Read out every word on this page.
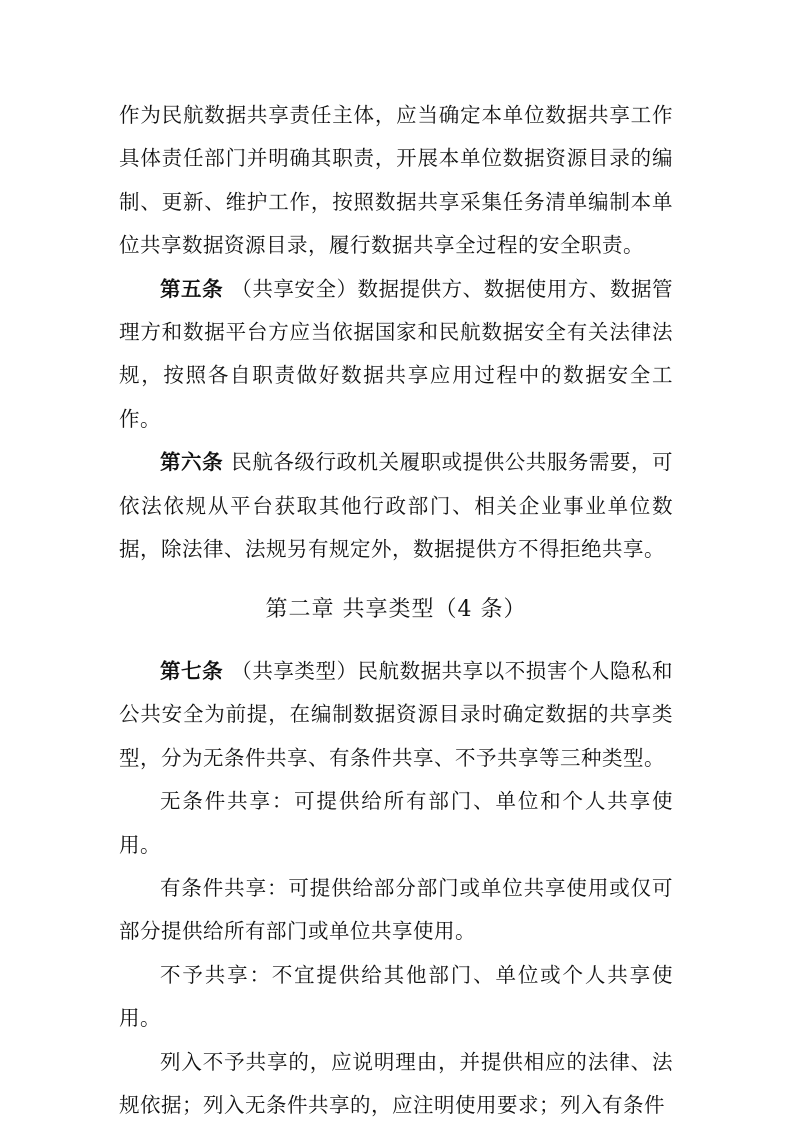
作为民航数据共享责任主体，应当确定本单位数据共享工作具体责任部门并明确其职责，开展本单位数据资源目录的编制、更新、维护工作，按照数据共享采集任务清单编制本单位共享数据资源目录，履行数据共享全过程的安全职责。

第五条 （共享安全）数据提供方、数据使用方、数据管理方和数据平台方应当依据国家和民航数据安全有关法律法规，按照各自职责做好数据共享应用过程中的数据安全工作。

第六条 民航各级行政机关履职或提供公共服务需要，可依法依规从平台获取其他行政部门、相关企业事业单位数据，除法律、法规另有规定外，数据提供方不得拒绝共享。

第二章 共享类型（4 条）

第七条 （共享类型）民航数据共享以不损害个人隐私和公共安全为前提，在编制数据资源目录时确定数据的共享类型，分为无条件共享、有条件共享、不予共享等三种类型。

无条件共享：可提供给所有部门、单位和个人共享使用。

有条件共享：可提供给部分部门或单位共享使用或仅可部分提供给所有部门或单位共享使用。

不予共享：不宜提供给其他部门、单位或个人共享使用。

列入不予共享的，应说明理由，并提供相应的法律、法规依据；列入无条件共享的，应注明使用要求；列入有条件
